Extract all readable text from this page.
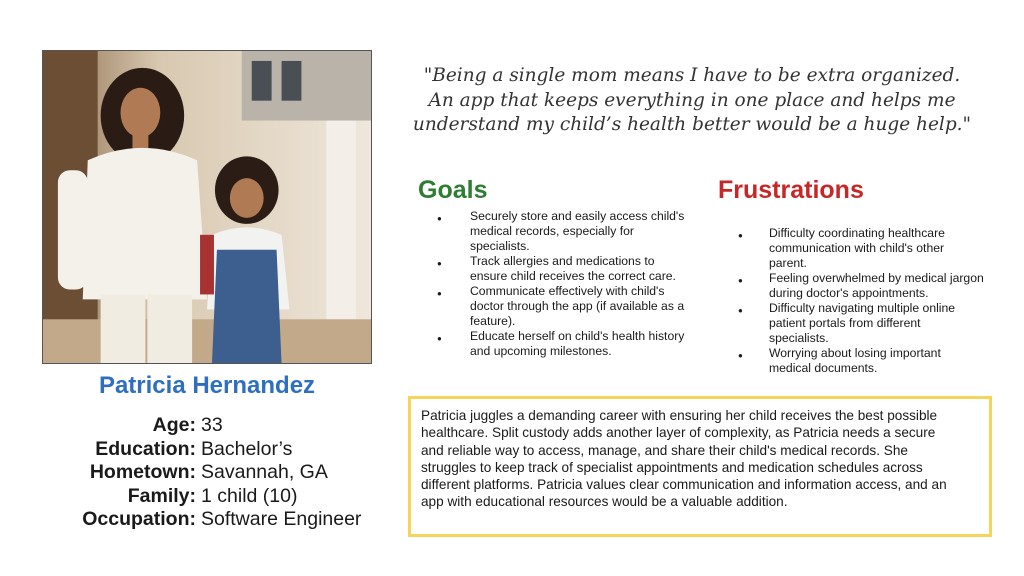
Patricia Hernandez
Age: 33
Education: Bachelor’s
Hometown: Savannah, GA
Family: 1 child (10)
Occupation: Software Engineer
"Being a single mom means I have to be extra organized.
An app that keeps everything in one place and helps me
understand my child’s health better would be a huge help."
Goals
● Securely store and easily access child's
medical records, especially for
specialists.
● Track allergies and medications to
ensure child receives the correct care.
● Communicate effectively with child's
doctor through the app (if available as a
feature).
● Educate herself on child's health history
and upcoming milestones.
Frustrations
● Difficulty coordinating healthcare
communication with child's other
parent.
● Feeling overwhelmed by medical jargon
during doctor's appointments.
● Difficulty navigating multiple online
patient portals from different
specialists.
● Worrying about losing important
medical documents.
Patricia juggles a demanding career with ensuring her child receives the best possible
healthcare. Split custody adds another layer of complexity, as Patricia needs a secure
and reliable way to access, manage, and share their child's medical records. She
struggles to keep track of specialist appointments and medication schedules across
different platforms. Patricia values clear communication and information access, and an
app with educational resources would be a valuable addition.
